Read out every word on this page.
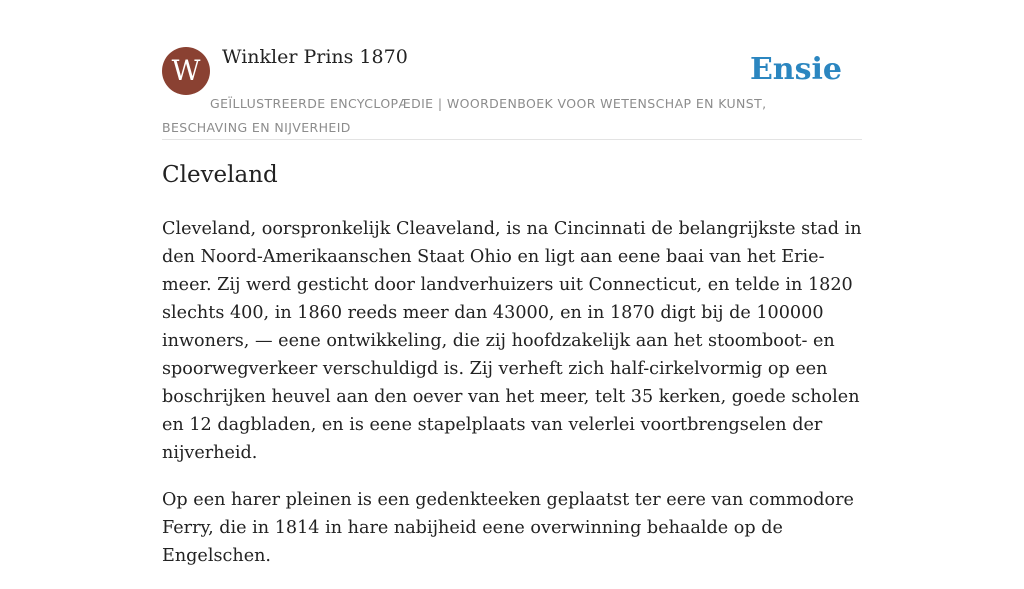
W	Winkler Prins 1870	Ensie
GEÏLLUSTREERDE ENCYCLOPÆDIE | WOORDENBOEK VOOR WETENSCHAP EN KUNST, BESCHAVING EN NIJVERHEID
Cleveland

Cleveland, oorspronkelijk Cleaveland, is na Cincinnati de belangrijkste stad in den Noord-Amerikaanschen Staat Ohio en ligt aan eene baai van het Erie-meer. Zij werd gesticht door landverhuizers uit Connecticut, en telde in 1820 slechts 400, in 1860 reeds meer dan 43000, en in 1870 digt bij de 100000 inwoners, — eene ontwikkeling, die zij hoofdzakelijk aan het stoomboot- en spoorwegverkeer verschuldigd is. Zij verheft zich half-cirkelvormig op een boschrijken heuvel aan den oever van het meer, telt 35 kerken, goede scholen en 12 dagbladen, en is eene stapelplaats van velerlei voortbrengselen der nijverheid.

Op een harer pleinen is een gedenkteeken geplaatst ter eere van commodore Ferry, die in 1814 in hare nabijheid eene overwinning behaalde op de Engelschen.
